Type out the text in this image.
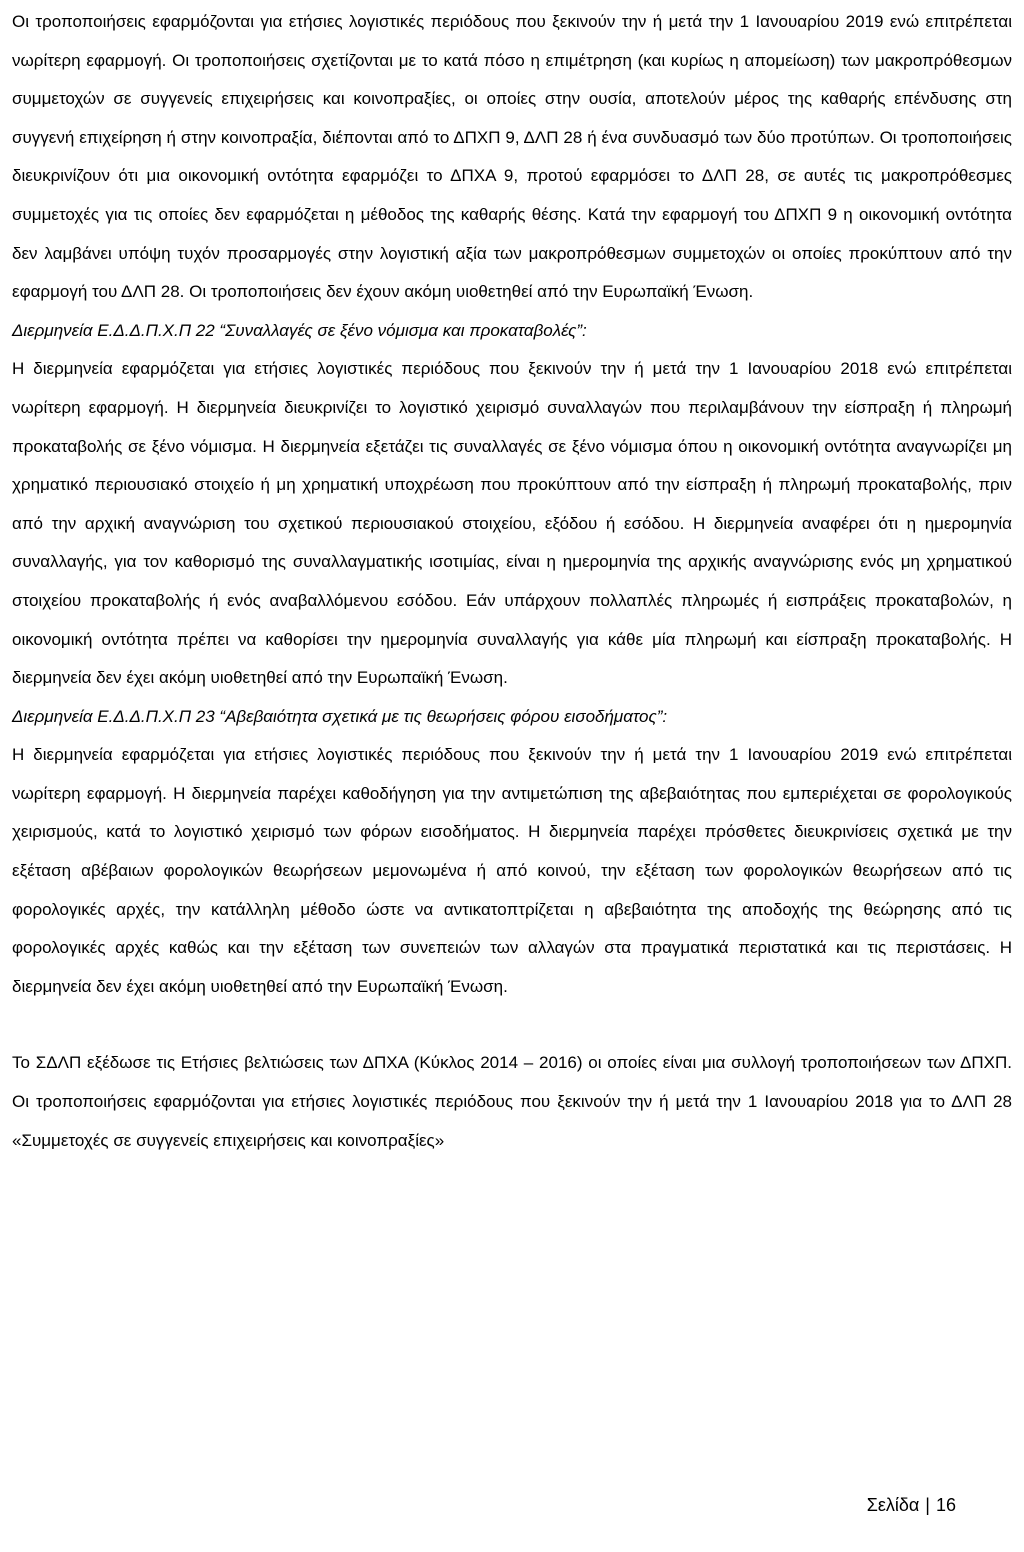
Οι τροποποιήσεις εφαρμόζονται για ετήσιες λογιστικές περιόδους που ξεκινούν την ή μετά την 1 Ιανουαρίου 2019 ενώ επιτρέπεται νωρίτερη εφαρμογή. Οι τροποποιήσεις σχετίζονται με το κατά πόσο η επιμέτρηση (και κυρίως η απομείωση) των μακροπρόθεσμων συμμετοχών σε συγγενείς επιχειρήσεις και κοινοπραξίες, οι οποίες στην ουσία, αποτελούν μέρος της καθαρής επένδυσης στη συγγενή επιχείρηση ή στην κοινοπραξία, διέπονται από το ΔΠΧΠ 9, ΔΛΠ 28 ή ένα συνδυασμό των δύο προτύπων. Οι τροποποιήσεις διευκρινίζουν ότι μια οικονομική οντότητα εφαρμόζει το ΔΠΧΑ 9, προτού εφαρμόσει το ΔΛΠ 28, σε αυτές τις μακροπρόθεσμες συμμετοχές για τις οποίες δεν εφαρμόζεται η μέθοδος της καθαρής θέσης. Κατά την εφαρμογή του ΔΠΧΠ 9 η οικονομική οντότητα δεν λαμβάνει υπόψη τυχόν προσαρμογές στην λογιστική αξία των μακροπρόθεσμων συμμετοχών οι οποίες προκύπτουν από την εφαρμογή του ΔΛΠ 28. Οι τροποποιήσεις δεν έχουν ακόμη υιοθετηθεί από την Ευρωπαϊκή Ένωση.

Διερμηνεία Ε.Δ.Δ.Π.Χ.Π 22 “Συναλλαγές σε ξένο νόμισμα και προκαταβολές”:

Η διερμηνεία εφαρμόζεται για ετήσιες λογιστικές περιόδους που ξεκινούν την ή μετά την 1 Ιανουαρίου 2018 ενώ επιτρέπεται νωρίτερη εφαρμογή. Η διερμηνεία διευκρινίζει το λογιστικό χειρισμό συναλλαγών που περιλαμβάνουν την είσπραξη ή πληρωμή προκαταβολής σε ξένο νόμισμα. Η διερμηνεία εξετάζει τις συναλλαγές σε ξένο νόμισμα όπου η οικονομική οντότητα αναγνωρίζει μη χρηματικό περιουσιακό στοιχείο ή μη χρηματική υποχρέωση που προκύπτουν από την είσπραξη ή πληρωμή προκαταβολής, πριν από την αρχική αναγνώριση του σχετικού περιουσιακού στοιχείου, εξόδου ή εσόδου. Η διερμηνεία αναφέρει ότι η ημερομηνία συναλλαγής, για τον καθορισμό της συναλλαγματικής ισοτιμίας, είναι η ημερομηνία της αρχικής αναγνώρισης ενός μη χρηματικού στοιχείου προκαταβολής ή ενός αναβαλλόμενου εσόδου. Εάν υπάρχουν πολλαπλές πληρωμές ή εισπράξεις προκαταβολών, η οικονομική οντότητα πρέπει να καθορίσει την ημερομηνία συναλλαγής για κάθε μία πληρωμή και είσπραξη προκαταβολής. Η διερμηνεία δεν έχει ακόμη υιοθετηθεί από την Ευρωπαϊκή Ένωση.

Διερμηνεία Ε.Δ.Δ.Π.Χ.Π 23 “Αβεβαιότητα σχετικά με τις θεωρήσεις φόρου εισοδήματος”:

Η διερμηνεία εφαρμόζεται για ετήσιες λογιστικές περιόδους που ξεκινούν την ή μετά την 1 Ιανουαρίου 2019 ενώ επιτρέπεται νωρίτερη εφαρμογή. Η διερμηνεία παρέχει καθοδήγηση για την αντιμετώπιση της αβεβαιότητας που εμπεριέχεται σε φορολογικούς χειρισμούς, κατά το λογιστικό χειρισμό των φόρων εισοδήματος. Η διερμηνεία παρέχει πρόσθετες διευκρινίσεις σχετικά με την εξέταση αβέβαιων φορολογικών θεωρήσεων μεμονωμένα ή από κοινού, την εξέταση των φορολογικών θεωρήσεων από τις φορολογικές αρχές, την κατάλληλη μέθοδο ώστε να αντικατοπτρίζεται η αβεβαιότητα της αποδοχής της θεώρησης από τις φορολογικές αρχές καθώς και την εξέταση των συνεπειών των αλλαγών στα πραγματικά περιστατικά και τις περιστάσεις. Η διερμηνεία δεν έχει ακόμη υιοθετηθεί από την Ευρωπαϊκή Ένωση.

Το ΣΔΛΠ εξέδωσε τις Ετήσιες βελτιώσεις των ΔΠΧΑ (Κύκλος 2014 – 2016) οι οποίες είναι μια συλλογή τροποποιήσεων των ΔΠΧΠ. Οι τροποποιήσεις εφαρμόζονται για ετήσιες λογιστικές περιόδους που ξεκινούν την ή μετά την 1 Ιανουαρίου 2018 για το ΔΛΠ 28 «Συμμετοχές σε συγγενείς επιχειρήσεις και κοινοπραξίες»

Σελίδα | 16
